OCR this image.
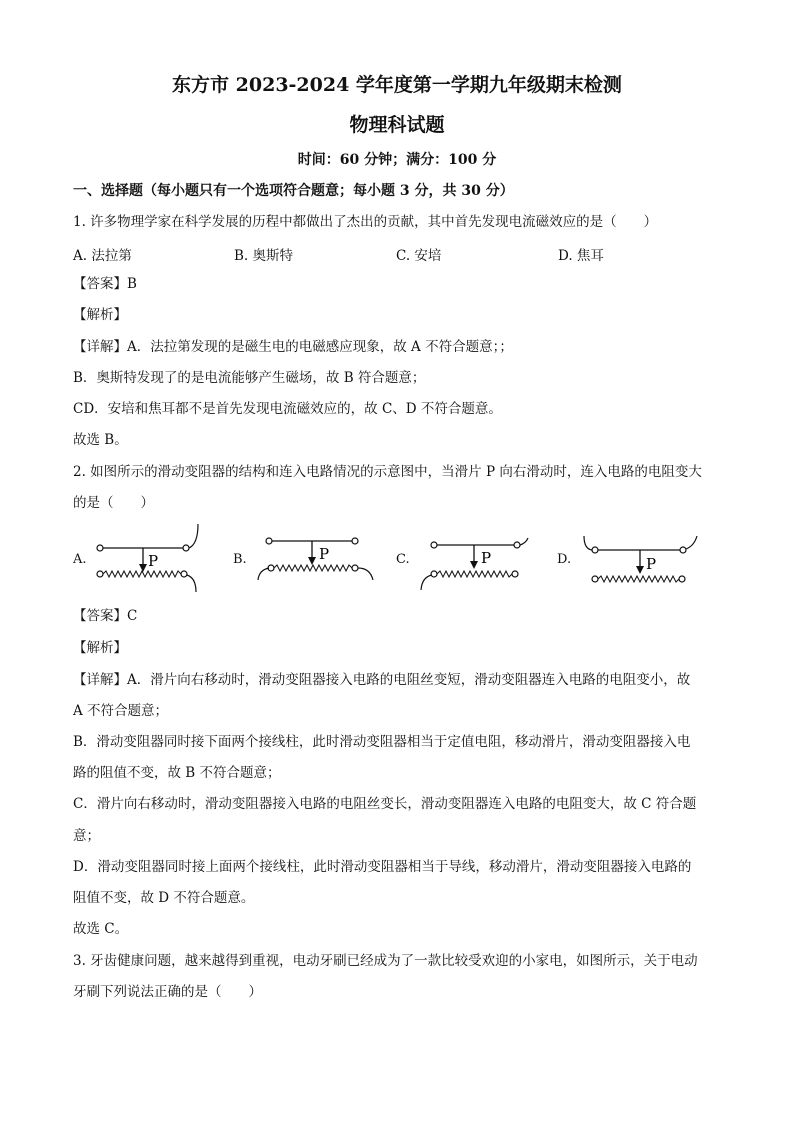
东方市 2023-2024 学年度第一学期九年级期末检测
物理科试题
时间：60 分钟；满分：100 分
一、选择题（每小题只有一个选项符合题意；每小题 3 分，共 30 分）
1. 许多物理学家在科学发展的历程中都做出了杰出的贡献，其中首先发现电流磁效应的是（　　）
A. 法拉第	B. 奥斯特	C. 安培	D. 焦耳
【答案】B
【解析】
【详解】A．法拉第发现的是磁生电的电磁感应现象，故 A 不符合题意；；
B．奥斯特发现了的是电流能够产生磁场，故 B 符合题意；
CD．安培和焦耳都不是首先发现电流磁效应的，故 C、D 不符合题意。
故选 B。
2. 如图所示的滑动变阻器的结构和连入电路情况的示意图中，当滑片 P 向右滑动时，连入电路的电阻变大
的是（　　）
A.	P	B.	P	C.	P	D.	P
【答案】C
【解析】
【详解】A．滑片向右移动时，滑动变阻器接入电路的电阻丝变短，滑动变阻器连入电路的电阻变小，故
A 不符合题意；
B．滑动变阻器同时接下面两个接线柱，此时滑动变阻器相当于定值电阻，移动滑片，滑动变阻器接入电
路的阻值不变，故 B 不符合题意；
C．滑片向右移动时，滑动变阻器接入电路的电阻丝变长，滑动变阻器连入电路的电阻变大，故 C 符合题
意；
D．滑动变阻器同时接上面两个接线柱，此时滑动变阻器相当于导线，移动滑片，滑动变阻器接入电路的
阻值不变，故 D 不符合题意。
故选 C。
3. 牙齿健康问题，越来越得到重视，电动牙刷已经成为了一款比较受欢迎的小家电，如图所示，关于电动
牙刷下列说法正确的是（　　）
